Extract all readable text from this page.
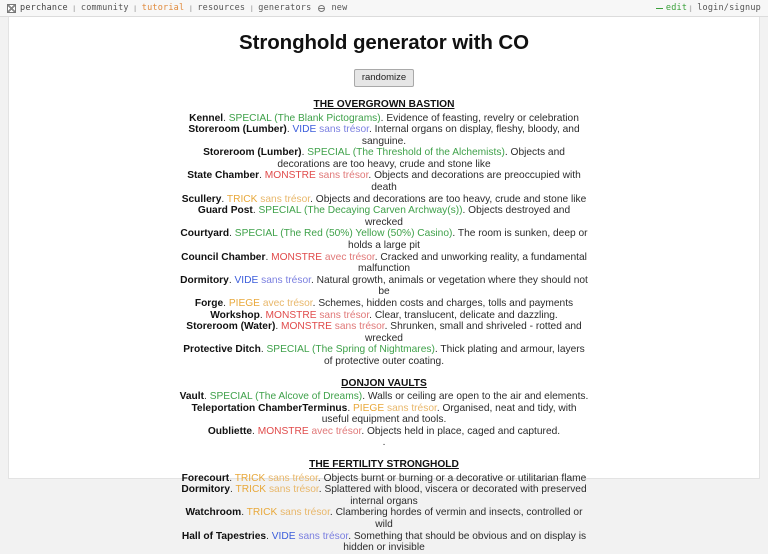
perchance ❙ community ❙ tutorial ❙ resources ❙ generators	new	edit ❙ login/signup
Stronghold generator with CO
randomize
THE OVERGROWN BASTION
Kennel. SPECIAL (The Blank Pictograms). Evidence of feasting, revelry or celebration
Storeroom (Lumber). VIDE sans trésor. Internal organs on display, fleshy, bloody, and sanguine.
Storeroom (Lumber). SPECIAL (The Threshold of the Alchemists). Objects and decorations are too heavy, crude and stone like
State Chamber. MONSTRE sans trésor. Objects and decorations are preoccupied with death
Scullery. TRICK sans trésor. Objects and decorations are too heavy, crude and stone like
Guard Post. SPECIAL (The Decaying Carven Archway(s)). Objects destroyed and wrecked
Courtyard. SPECIAL (The Red (50%) Yellow (50%) Casino). The room is sunken, deep or holds a large pit
Council Chamber. MONSTRE avec trésor. Cracked and unworking reality, a fundamental malfunction
Dormitory. VIDE sans trésor. Natural growth, animals or vegetation where they should not be
Forge. PIEGE avec trésor. Schemes, hidden costs and charges, tolls and payments
Workshop. MONSTRE sans trésor. Clear, translucent, delicate and dazzling.
Storeroom (Water). MONSTRE sans trésor. Shrunken, small and shriveled - rotted and wrecked
Protective Ditch. SPECIAL (The Spring of Nightmares). Thick plating and armour, layers of protective outer coating.
DONJON VAULTS
Vault. SPECIAL (The Alcove of Dreams). Walls or ceiling are open to the air and elements.
Teleportation ChamberTerminus. PIEGE sans trésor. Organised, neat and tidy, with useful equipment and tools.
Oubliette. MONSTRE avec trésor. Objects held in place, caged and captured.
.
THE FERTILITY STRONGHOLD
Forecourt. TRICK sans trésor. Objects burnt or burning or a decorative or utilitarian flame
Dormitory. TRICK sans trésor. Splattered with blood, viscera or decorated with preserved internal organs
Watchroom. TRICK sans trésor. Clambering hordes of vermin and insects, controlled or wild
Hall of Tapestries. VIDE sans trésor. Something that should be obvious and on display is hidden or invisible
